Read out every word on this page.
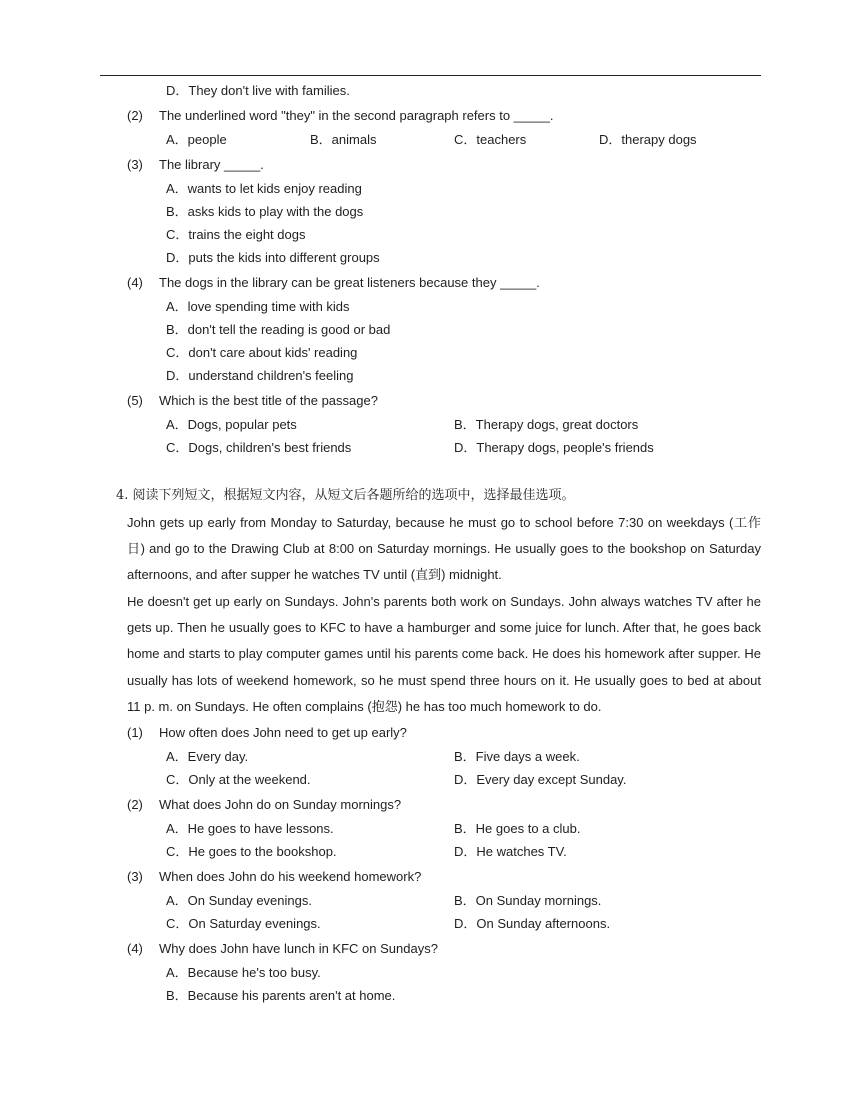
D．They don't live with families.
(2) The underlined word "they" in the second paragraph refers to _____.
A．people	B．animals	C．teachers	D．therapy dogs
(3) The library _____.
A．wants to let kids enjoy reading
B．asks kids to play with the dogs
C．trains the eight dogs
D．puts the kids into different groups
(4) The dogs in the library can be great listeners because they _____.
A．love spending time with kids
B．don't tell the reading is good or bad
C．don't care about kids' reading
D．understand children's feeling
(5) Which is the best title of the passage?
A．Dogs, popular pets	B．Therapy dogs, great doctors
C．Dogs, children's best friends	D．Therapy dogs, people's friends
4. 阅读下列短文，根据短文内容，从短文后各题所给的选项中，选择最佳选项。
John gets up early from Monday to Saturday, because he must go to school before 7:30 on weekdays (工作日) and go to the Drawing Club at 8:00 on Saturday mornings. He usually goes to the bookshop on Saturday afternoons, and after supper he watches TV until (直到) midnight.
He doesn't get up early on Sundays. John's parents both work on Sundays. John always watches TV after he gets up. Then he usually goes to KFC to have a hamburger and some juice for lunch. After that, he goes back home and starts to play computer games until his parents come back. He does his homework after supper. He usually has lots of weekend homework, so he must spend three hours on it. He usually goes to bed at about 11 p. m. on Sundays. He often complains (抱怨) he has too much homework to do.
(1) How often does John need to get up early?
A．Every day.	B．Five days a week.
C．Only at the weekend.	D．Every day except Sunday.
(2) What does John do on Sunday mornings?
A．He goes to have lessons.	B．He goes to a club.
C．He goes to the bookshop.	D．He watches TV.
(3) When does John do his weekend homework?
A．On Sunday evenings.	B．On Sunday mornings.
C．On Saturday evenings.	D．On Sunday afternoons.
(4) Why does John have lunch in KFC on Sundays?
A．Because he's too busy.
B．Because his parents aren't at home.
